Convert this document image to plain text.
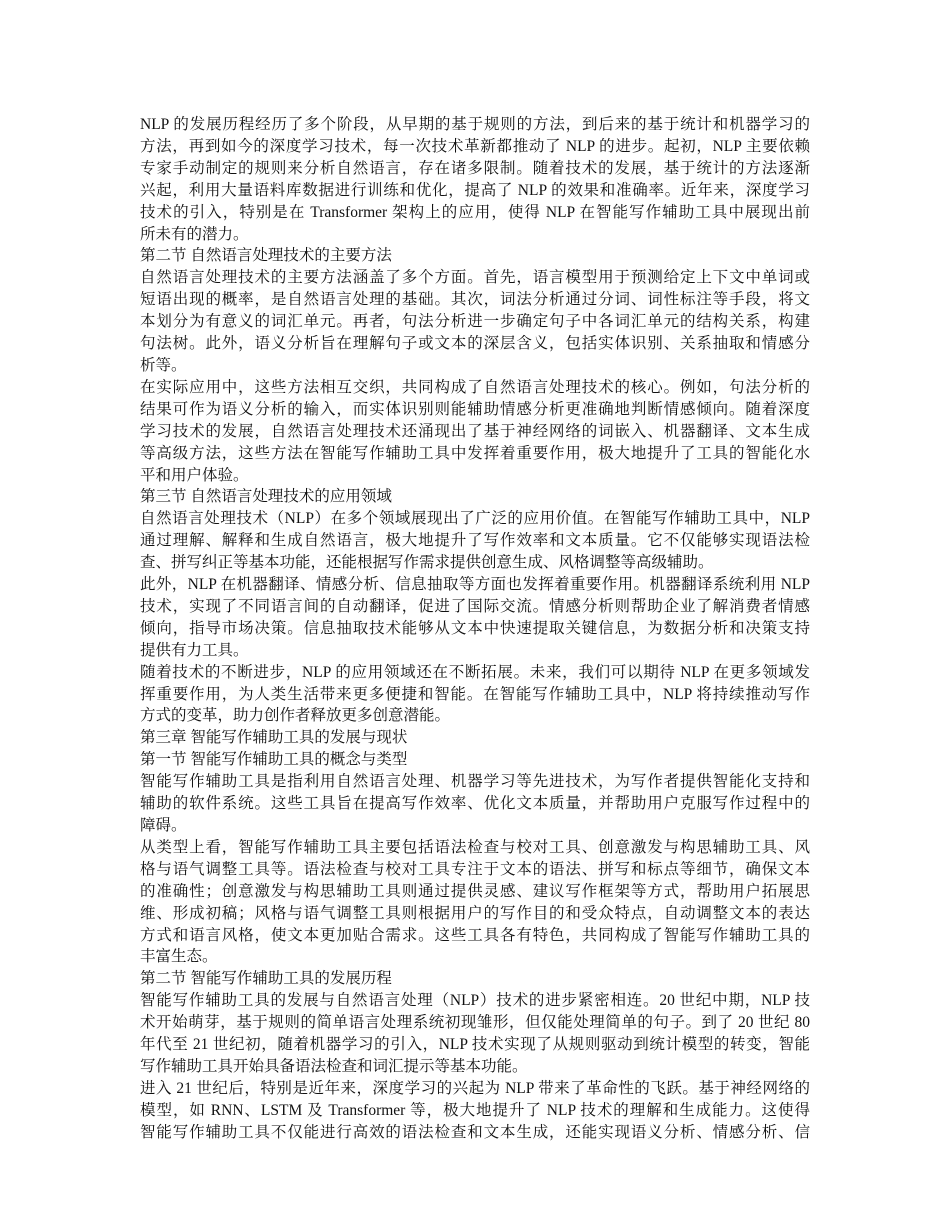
NLP 的发展历程经历了多个阶段，从早期的基于规则的方法，到后来的基于统计和机器学习的
方法，再到如今的深度学习技术，每一次技术革新都推动了 NLP 的进步。起初，NLP 主要依赖
专家手动制定的规则来分析自然语言，存在诸多限制。随着技术的发展，基于统计的方法逐渐
兴起，利用大量语料库数据进行训练和优化，提高了 NLP 的效果和准确率。近年来，深度学习
技术的引入，特别是在 Transformer 架构上的应用，使得 NLP 在智能写作辅助工具中展现出前
所未有的潜力。
第二节 自然语言处理技术的主要方法
自然语言处理技术的主要方法涵盖了多个方面。首先，语言模型用于预测给定上下文中单词或
短语出现的概率，是自然语言处理的基础。其次，词法分析通过分词、词性标注等手段，将文
本划分为有意义的词汇单元。再者，句法分析进一步确定句子中各词汇单元的结构关系，构建
句法树。此外，语义分析旨在理解句子或文本的深层含义，包括实体识别、关系抽取和情感分
析等。
在实际应用中，这些方法相互交织，共同构成了自然语言处理技术的核心。例如，句法分析的
结果可作为语义分析的输入，而实体识别则能辅助情感分析更准确地判断情感倾向。随着深度
学习技术的发展，自然语言处理技术还涌现出了基于神经网络的词嵌入、机器翻译、文本生成
等高级方法，这些方法在智能写作辅助工具中发挥着重要作用，极大地提升了工具的智能化水
平和用户体验。
第三节 自然语言处理技术的应用领域
自然语言处理技术（NLP）在多个领域展现出了广泛的应用价值。在智能写作辅助工具中，NLP
通过理解、解释和生成自然语言，极大地提升了写作效率和文本质量。它不仅能够实现语法检
查、拼写纠正等基本功能，还能根据写作需求提供创意生成、风格调整等高级辅助。
此外，NLP 在机器翻译、情感分析、信息抽取等方面也发挥着重要作用。机器翻译系统利用 NLP
技术，实现了不同语言间的自动翻译，促进了国际交流。情感分析则帮助企业了解消费者情感
倾向，指导市场决策。信息抽取技术能够从文本中快速提取关键信息，为数据分析和决策支持
提供有力工具。
随着技术的不断进步，NLP 的应用领域还在不断拓展。未来，我们可以期待 NLP 在更多领域发
挥重要作用，为人类生活带来更多便捷和智能。在智能写作辅助工具中，NLP 将持续推动写作
方式的变革，助力创作者释放更多创意潜能。
第三章 智能写作辅助工具的发展与现状
第一节 智能写作辅助工具的概念与类型
智能写作辅助工具是指利用自然语言处理、机器学习等先进技术，为写作者提供智能化支持和
辅助的软件系统。这些工具旨在提高写作效率、优化文本质量，并帮助用户克服写作过程中的
障碍。
从类型上看，智能写作辅助工具主要包括语法检查与校对工具、创意激发与构思辅助工具、风
格与语气调整工具等。语法检查与校对工具专注于文本的语法、拼写和标点等细节，确保文本
的准确性；创意激发与构思辅助工具则通过提供灵感、建议写作框架等方式，帮助用户拓展思
维、形成初稿；风格与语气调整工具则根据用户的写作目的和受众特点，自动调整文本的表达
方式和语言风格，使文本更加贴合需求。这些工具各有特色，共同构成了智能写作辅助工具的
丰富生态。
第二节 智能写作辅助工具的发展历程
智能写作辅助工具的发展与自然语言处理（NLP）技术的进步紧密相连。20 世纪中期，NLP 技
术开始萌芽，基于规则的简单语言处理系统初现雏形，但仅能处理简单的句子。到了 20 世纪 80
年代至 21 世纪初，随着机器学习的引入，NLP 技术实现了从规则驱动到统计模型的转变，智能
写作辅助工具开始具备语法检查和词汇提示等基本功能。
进入 21 世纪后，特别是近年来，深度学习的兴起为 NLP 带来了革命性的飞跃。基于神经网络的
模型，如 RNN、LSTM 及 Transformer 等，极大地提升了 NLP 技术的理解和生成能力。这使得
智能写作辅助工具不仅能进行高效的语法检查和文本生成，还能实现语义分析、情感分析、信
